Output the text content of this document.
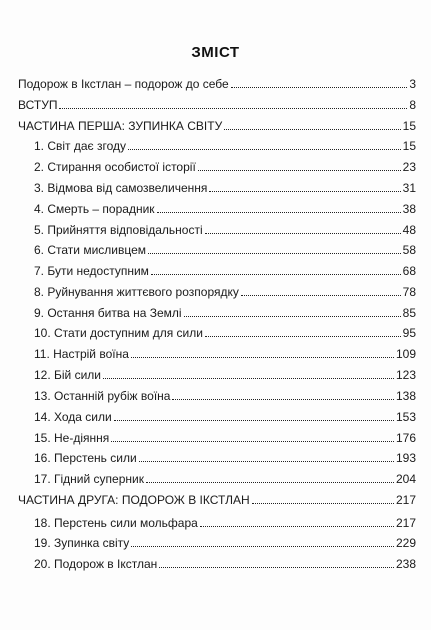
ЗМІСТ
Подорож в Ікстлан – подорож до себе	3
ВСТУП	8
ЧАСТИНА ПЕРША: ЗУПИНКА СВІТУ	15
1. Світ дає згоду	15
2. Стирання особистої історії	23
3. Відмова від самозвеличення	31
4. Смерть – порадник	38
5. Прийняття відповідальності	48
6. Стати мисливцем	58
7. Бути недоступним	68
8. Руйнування життєвого розпорядку	78
9. Остання битва на Землі	85
10. Стати доступним для сили	95
11. Настрій воїна	109
12. Бій сили	123
13. Останній рубіж воїна	138
14. Хода сили	153
15. Не-діяння	176
16. Перстень сили	193
17. Гідний суперник	204
ЧАСТИНА ДРУГА: ПОДОРОЖ В ІКСТЛАН	217
18. Перстень сили мольфара	217
19. Зупинка світу	229
20. Подорож в Ікстлан	238
